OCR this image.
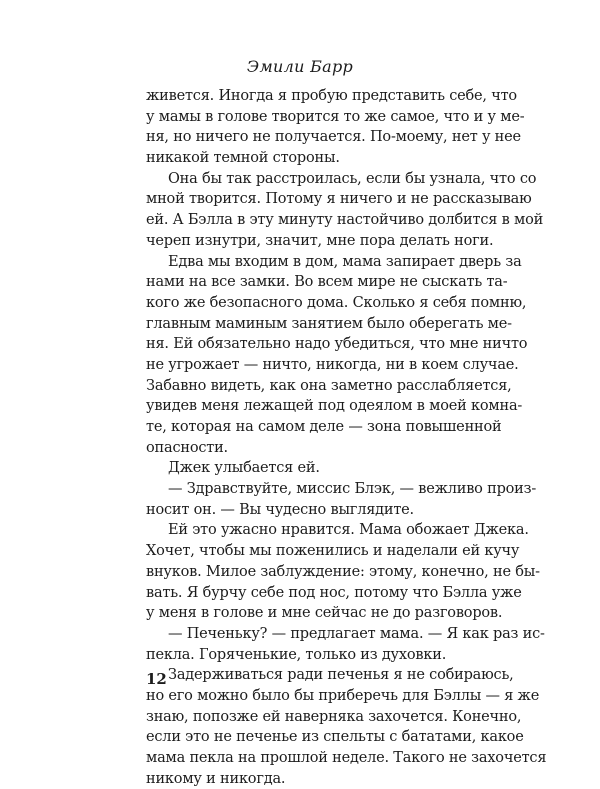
Эмили Барр
живется. Иногда я пробую представить себе, что
у мамы в голове творится то же самое, что и у ме-
ня, но ничего не получается. По-моему, нет у нее
никакой темной стороны.
Она бы так расстроилась, если бы узнала, что со
мной творится. Потому я ничего и не рассказываю
ей. А Бэлла в эту минуту настойчиво долбится в мой
череп изнутри, значит, мне пора делать ноги.
Едва мы входим в дом, мама запирает дверь за
нами на все замки. Во всем мире не сыскать та-
кого же безопасного дома. Сколько я себя помню,
главным маминым занятием было оберегать ме-
ня. Ей обязательно надо убедиться, что мне ничто
не угрожает — ничто, никогда, ни в коем случае.
Забавно видеть, как она заметно расслабляется,
увидев меня лежащей под одеялом в моей комна-
те, которая на самом деле — зона повышенной
опасности.
Джек улыбается ей.
— Здравствуйте, миссис Блэк, — вежливо произ-
носит он. — Вы чудесно выглядите.
Ей это ужасно нравится. Мама обожает Джека.
Хочет, чтобы мы поженились и наделали ей кучу
внуков. Милое заблуждение: этому, конечно, не бы-
вать. Я бурчу себе под нос, потому что Бэлла уже
у меня в голове и мне сейчас не до разговоров.
— Печеньку? — предлагает мама. — Я как раз ис-
пекла. Горяченькие, только из духовки.
Задерживаться ради печенья я не собираюсь,
но его можно было бы приберечь для Бэллы — я же
знаю, попозже ей наверняка захочется. Конечно,
если это не печенье из спельты с бататами, какое
мама пекла на прошлой неделе. Такого не захочется
никому и никогда.
12
